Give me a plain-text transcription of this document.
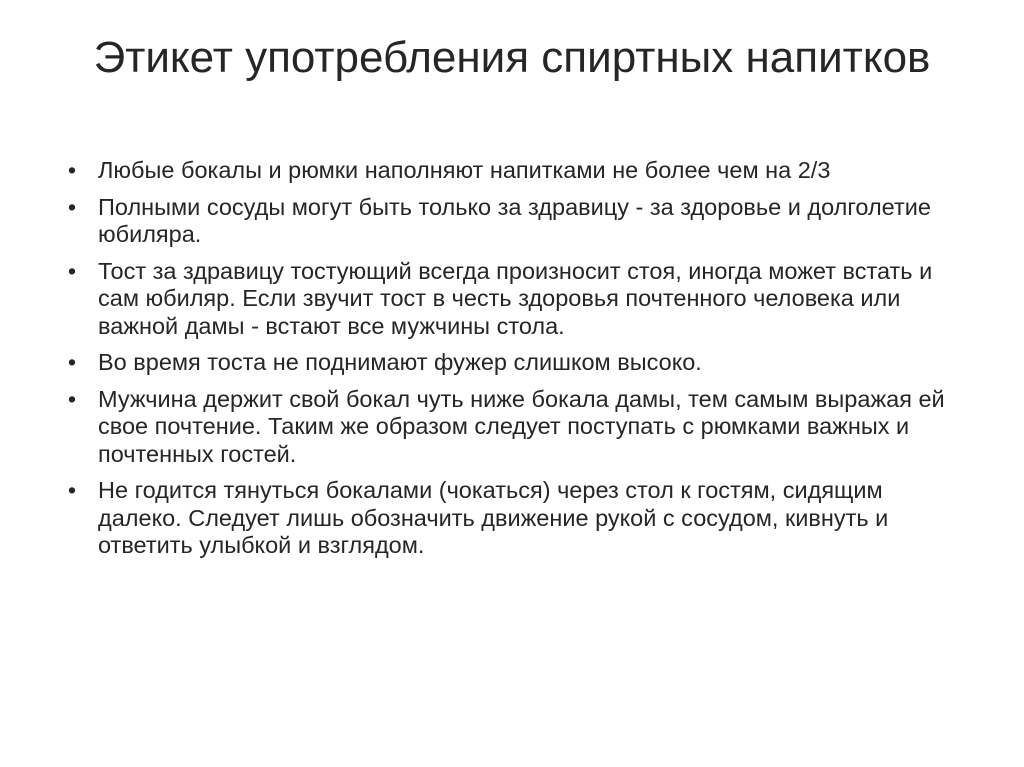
Этикет употребления спиртных напитков
• Любые бокалы и рюмки наполняют напитками не более чем на 2/3
• Полными сосуды могут быть только за здравицу - за здоровье и долголетие юбиляра.
• Тост за здравицу тостующий всегда произносит стоя, иногда может встать и сам юбиляр. Если звучит тост в честь здоровья почтенного человека или важной дамы - встают все мужчины стола.
• Во время тоста не поднимают фужер слишком высоко.
• Мужчина держит свой бокал чуть ниже бокала дамы, тем самым выражая ей свое почтение. Таким же образом следует поступать с рюмками важных и почтенных гостей.
• Не годится тянуться бокалами (чокаться) через стол к гостям, сидящим далеко. Следует лишь обозначить движение рукой с сосудом, кивнуть и ответить улыбкой и взглядом.
